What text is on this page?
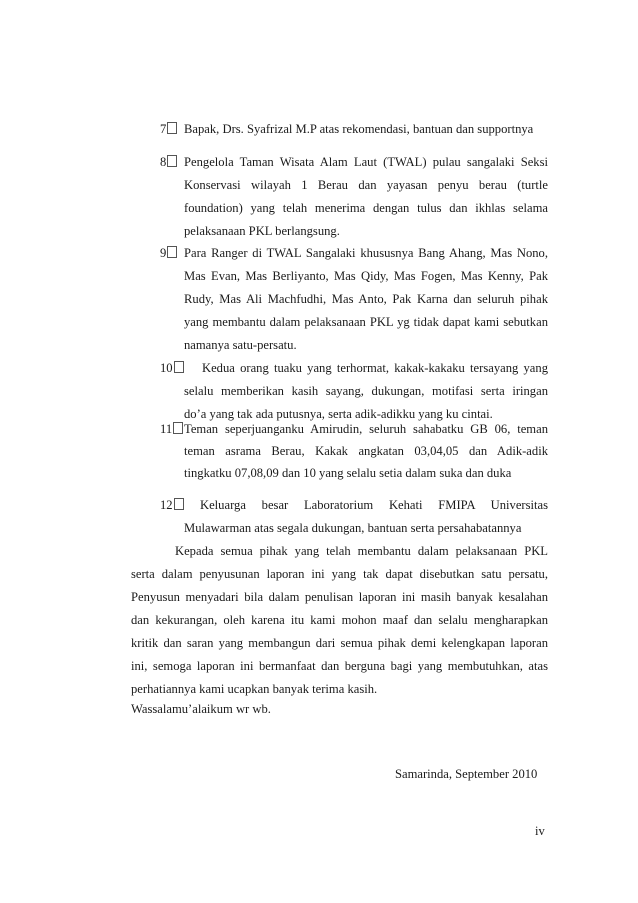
7	Bapak, Drs. Syafrizal M.P atas rekomendasi, bantuan dan supportnya
8	Pengelola Taman Wisata Alam Laut (TWAL) pulau sangalaki Seksi
Konservasi wilayah 1 Berau dan yayasan penyu berau (turtle
foundation) yang telah menerima dengan tulus dan ikhlas selama
pelaksanaan PKL berlangsung.
9	Para Ranger di TWAL Sangalaki khususnya Bang Ahang, Mas Nono,
Mas Evan, Mas Berliyanto, Mas Qidy, Mas Fogen, Mas Kenny, Pak
Rudy, Mas Ali Machfudhi, Mas Anto, Pak Karna dan seluruh pihak
yang membantu dalam pelaksanaan PKL yg tidak dapat kami sebutkan
namanya satu-persatu.
10	Kedua orang tuaku yang terhormat, kakak-kakaku tersayang yang
selalu memberikan kasih sayang, dukungan, motifasi serta iringan
do’a yang tak ada putusnya, serta adik-adikku yang ku cintai.
11 Teman seperjuanganku Amirudin, seluruh sahabatku GB 06, teman
teman asrama Berau, Kakak angkatan 03,04,05 dan Adik-adik
tingkatku 07,08,09 dan 10 yang selalu setia dalam suka dan duka
12	Keluarga besar Laboratorium Kehati FMIPA Universitas
Mulawarman atas segala dukungan, bantuan serta persahabatannya
Kepada semua pihak yang telah membantu dalam pelaksanaan PKL
serta dalam penyusunan laporan ini yang tak dapat disebutkan satu persatu,
Penyusun menyadari bila dalam penulisan laporan ini masih banyak kesalahan
dan kekurangan, oleh karena itu kami mohon maaf dan selalu mengharapkan
kritik dan saran yang membangun dari semua pihak demi kelengkapan laporan
ini, semoga laporan ini bermanfaat dan berguna bagi yang membutuhkan, atas
perhatiannya kami ucapkan banyak terima kasih.
Wassalamu’alaikum wr wb.
Samarinda, September 2010
iv
